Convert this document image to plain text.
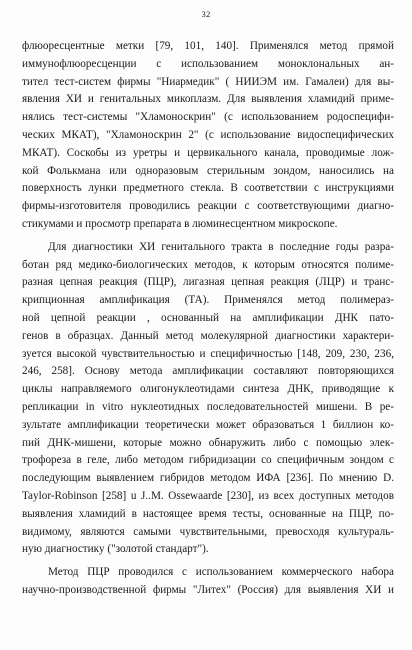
32
флюоресцентные метки [79, 101, 140]. Применялся метод прямой
иммунофлюоресценции с использованием моноклональных ан-
тител тест-систем фирмы "Ниармедик" ( НИИЭМ им. Гамалеи) для вы-
явления ХИ и генитальных микоплазм. Для выявления хламидий приме-
нялись тест-системы "Хламоноскрин" (с использованием родоспецифи-
ческих МКАТ), "Хламоноскрин 2" (с использование видоспецифических
МКАТ). Соскобы из уретры и цервикального канала, проводимые лож-
кой Фолькмана или одноразовым стерильным зондом, наносились на
поверхность лунки предметного стекла. В соответствии с инструкциями
фирмы-изготовителя проводились реакции с соответствующими диагно-
стикумами и просмотр препарата в люминесцентном микроскопе.
Для диагностики ХИ генитального тракта в последние годы разра-
ботан ряд медико-биологических методов, к которым относятся полиме-
разная цепная реакция (ПЦР), лигазная цепная реакция (ЛЦР) и транс-
крипционная амплификация (ТА). Применялся метод полимераз-
ной цепной реакции , основанный на амплификации ДНК пато-
генов в образцах. Данный метод молекулярной диагностики характери-
зуется высокой чувствительностью и специфичностью [148, 209, 230, 236,
246, 258]. Основу метода амплификации составляют повторяющихся
циклы направляемого олигонуклеотидами синтеза ДНК, приводящие к
репликации in vitro нуклеотидных последовательностей мишени. В ре-
зультате амплификации теоретически может образоваться 1 биллион ко-
пий ДНК-мишени, которые можно обнаружить либо с помощью элек-
трофореза в геле, либо методом гибридизации со специфичным зондом с
последующим выявлением гибридов методом ИФА [236]. По мнению D.
Taylor-Robinson [258] u J..M. Ossewaarde [230], из всех доступных методов
выявления хламидий в настоящее время тесты, основанные на ПЦР, по-
видимому, являются самыми чувствительными, превосходя культураль-
ную диагностику ("золотой стандарт").
Метод ПЦР проводился с использованием коммерческого набора
научно-производственной фирмы "Литех" (Россия) для выявления ХИ и
